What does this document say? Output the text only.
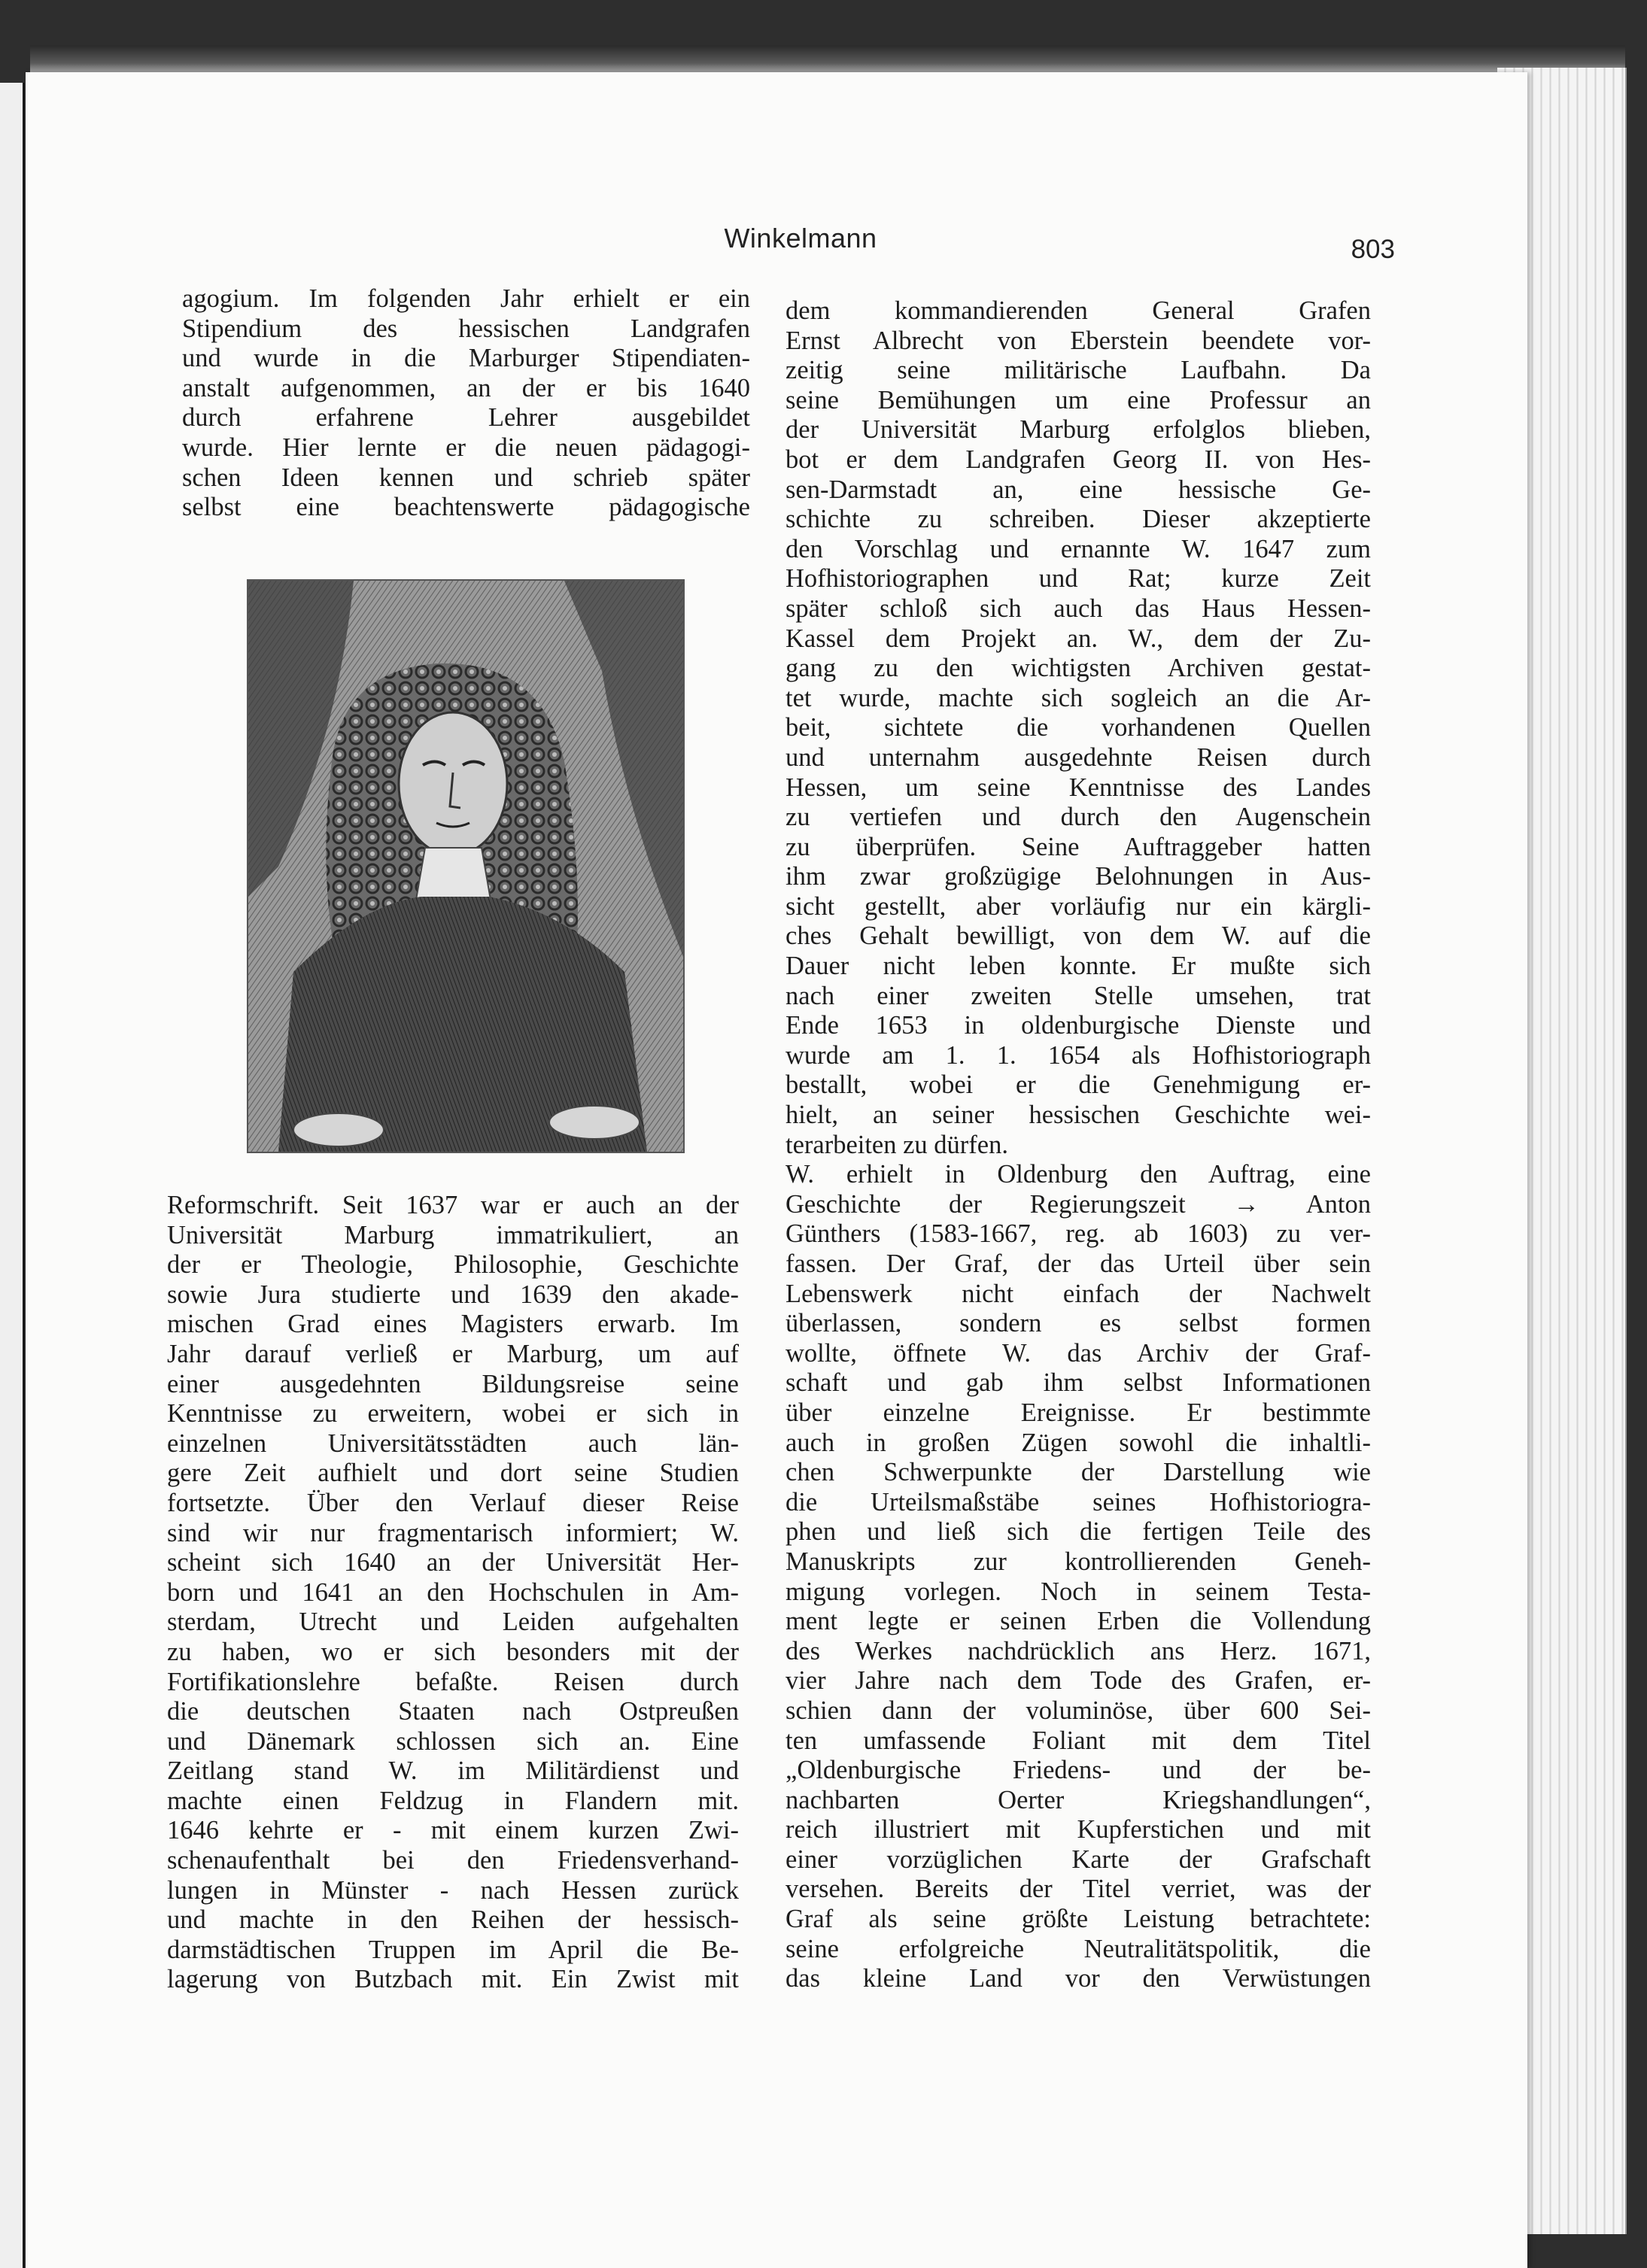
Winkelmann	803
agogium. Im folgenden Jahr erhielt er ein
Stipendium des hessischen Landgrafen
und wurde in die Marburger Stipendiaten-
anstalt aufgenommen, an der er bis 1640
durch erfahrene Lehrer ausgebildet
wurde. Hier lernte er die neuen pädagogi-
schen Ideen kennen und schrieb später
selbst eine beachtenswerte pädagogische
Reformschrift. Seit 1637 war er auch an der
Universität Marburg immatrikuliert, an
der er Theologie, Philosophie, Geschichte
sowie Jura studierte und 1639 den akade-
mischen Grad eines Magisters erwarb. Im
Jahr darauf verließ er Marburg, um auf
einer ausgedehnten Bildungsreise seine
Kenntnisse zu erweitern, wobei er sich in
einzelnen Universitätsstädten auch län-
gere Zeit aufhielt und dort seine Studien
fortsetzte. Über den Verlauf dieser Reise
sind wir nur fragmentarisch informiert; W.
scheint sich 1640 an der Universität Her-
born und 1641 an den Hochschulen in Am-
sterdam, Utrecht und Leiden aufgehalten
zu haben, wo er sich besonders mit der
Fortifikationslehre befaßte. Reisen durch
die deutschen Staaten nach Ostpreußen
und Dänemark schlossen sich an. Eine
Zeitlang stand W. im Militärdienst und
machte einen Feldzug in Flandern mit.
1646 kehrte er - mit einem kurzen Zwi-
schenaufenthalt bei den Friedensverhand-
lungen in Münster - nach Hessen zurück
und machte in den Reihen der hessisch-
darmstädtischen Truppen im April die Be-
lagerung von Butzbach mit. Ein Zwist mit
dem kommandierenden General Grafen
Ernst Albrecht von Eberstein beendete vor-
zeitig seine militärische Laufbahn. Da
seine Bemühungen um eine Professur an
der Universität Marburg erfolglos blieben,
bot er dem Landgrafen Georg II. von Hes-
sen-Darmstadt an, eine hessische Ge-
schichte zu schreiben. Dieser akzeptierte
den Vorschlag und ernannte W. 1647 zum
Hofhistoriographen und Rat; kurze Zeit
später schloß sich auch das Haus Hessen-
Kassel dem Projekt an. W., dem der Zu-
gang zu den wichtigsten Archiven gestat-
tet wurde, machte sich sogleich an die Ar-
beit, sichtete die vorhandenen Quellen
und unternahm ausgedehnte Reisen durch
Hessen, um seine Kenntnisse des Landes
zu vertiefen und durch den Augenschein
zu überprüfen. Seine Auftraggeber hatten
ihm zwar großzügige Belohnungen in Aus-
sicht gestellt, aber vorläufig nur ein kärgli-
ches Gehalt bewilligt, von dem W. auf die
Dauer nicht leben konnte. Er mußte sich
nach einer zweiten Stelle umsehen, trat
Ende 1653 in oldenburgische Dienste und
wurde am 1. 1. 1654 als Hofhistoriograph
bestallt, wobei er die Genehmigung er-
hielt, an seiner hessischen Geschichte wei-
terarbeiten zu dürfen.
W. erhielt in Oldenburg den Auftrag, eine
Geschichte der Regierungszeit → Anton
Günthers (1583-1667, reg. ab 1603) zu ver-
fassen. Der Graf, der das Urteil über sein
Lebenswerk nicht einfach der Nachwelt
überlassen, sondern es selbst formen
wollte, öffnete W. das Archiv der Graf-
schaft und gab ihm selbst Informationen
über einzelne Ereignisse. Er bestimmte
auch in großen Zügen sowohl die inhaltli-
chen Schwerpunkte der Darstellung wie
die Urteilsmaßstäbe seines Hofhistoriogra-
phen und ließ sich die fertigen Teile des
Manuskripts zur kontrollierenden Geneh-
migung vorlegen. Noch in seinem Testa-
ment legte er seinen Erben die Vollendung
des Werkes nachdrücklich ans Herz. 1671,
vier Jahre nach dem Tode des Grafen, er-
schien dann der voluminöse, über 600 Sei-
ten umfassende Foliant mit dem Titel
„Oldenburgische Friedens- und der be-
nachbarten Oerter Kriegshandlungen“,
reich illustriert mit Kupferstichen und mit
einer vorzüglichen Karte der Grafschaft
versehen. Bereits der Titel verriet, was der
Graf als seine größte Leistung betrachtete:
seine erfolgreiche Neutralitätspolitik, die
das kleine Land vor den Verwüstungen
